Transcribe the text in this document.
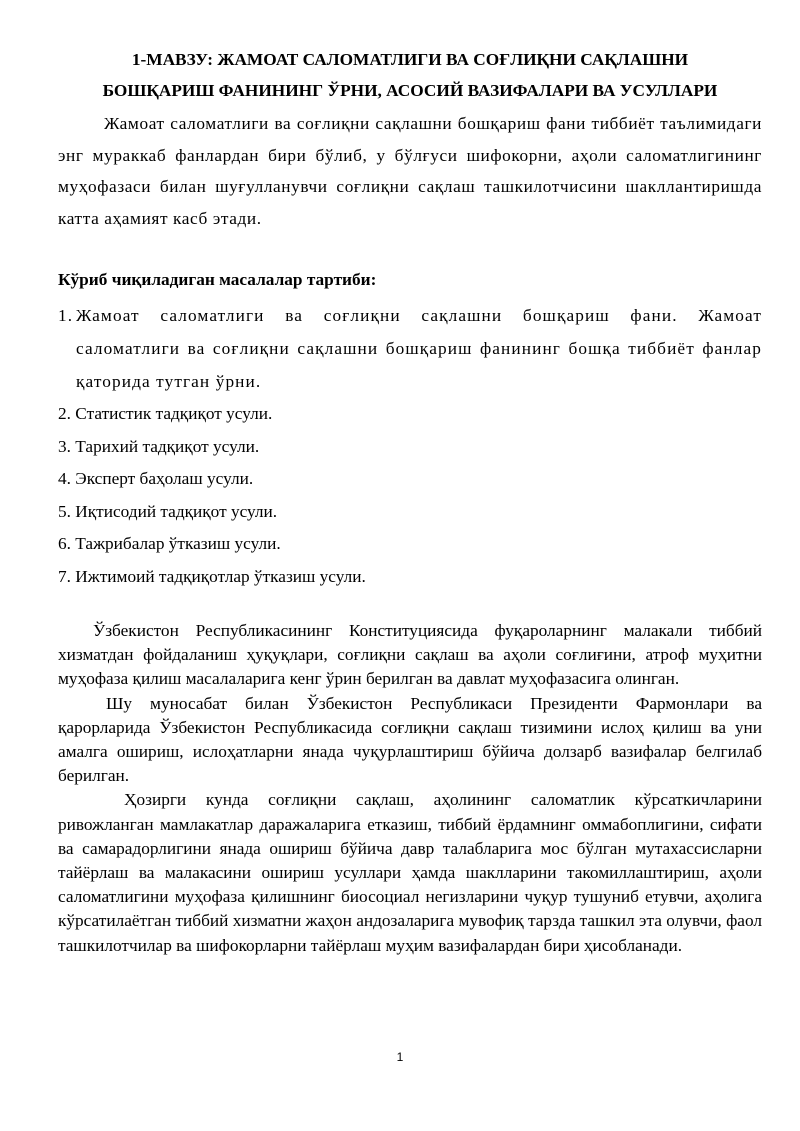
1-МАВЗУ: ЖАМОАТ САЛОМАТЛИГИ ВА СОҒЛИҚНИ САҚЛАШНИ

БОШҚАРИШ ФАНИНИНГ ЎРНИ, АСОСИЙ ВАЗИФАЛАРИ ВА УСУЛЛАРИ

Жамоат саломатлиги ва соғлиқни сақлашни бошқариш фани тиббиёт таълимидаги энг мураккаб фанлардан бири бўлиб, у бўлғуси шифокорни, аҳоли саломатлигининг муҳофазаси билан шуғулланувчи соғлиқни сақлаш ташкилотчисини шакллантиришда катта аҳамият касб этади.

Кўриб чиқиладиган масалалар тартиби:

1. Жамоат саломатлиги ва соғлиқни сақлашни бошқариш фани. Жамоат саломатлиги ва соғлиқни сақлашни бошқариш фанининг бошқа тиббиёт фанлар қаторида тутган ўрни.
2. Статистик тадқиқот усули.
3. Тарихий тадқиқот усули.
4. Эксперт баҳолаш усули.
5. Иқтисодий тадқиқот усули.
6. Тажрибалар ўтказиш усули.
7. Ижтимоий тадқиқотлар ўтказиш усули.

Ўзбекистон Республикасининг Конституциясида фуқароларнинг малакали тиббий хизматдан фойдаланиш ҳуқуқлари, соғлиқни сақлаш ва аҳоли соғлиғини, атроф муҳитни муҳофаза қилиш масалаларига кенг ўрин берилган ва давлат муҳофазасига олинган.

Шу муносабат билан Ўзбекистон Республикаси Президенти Фармонлари ва қарорларида Ўзбекистон Республикасида соғлиқни сақлаш тизимини ислоҳ қилиш ва уни амалга ошириш, ислоҳатларни янада чуқурлаштириш бўйича долзарб вазифалар белгилаб берилган.

Ҳозирги кунда соғлиқни сақлаш, аҳолининг саломатлик кўрсаткичларини ривожланган мамлакатлар даражаларига етказиш, тиббий ёрдамнинг оммабоплигини, сифати ва самарадорлигини янада ошириш бўйича давр талабларига мос бўлган мутахассисларни тайёрлаш ва малакасини ошириш усуллари ҳамда шаклларини такомиллаштириш, аҳоли саломатлигини муҳофаза қилишнинг биосоциал негизларини чуқур тушуниб етувчи, аҳолига кўрсатилаётган тиббий хизматни жаҳон андозаларига мувофиқ тарзда ташкил эта олувчи, фаол ташкилотчилар ва шифокорларни тайёрлаш муҳим вазифалардан бири ҳисобланади.

1
